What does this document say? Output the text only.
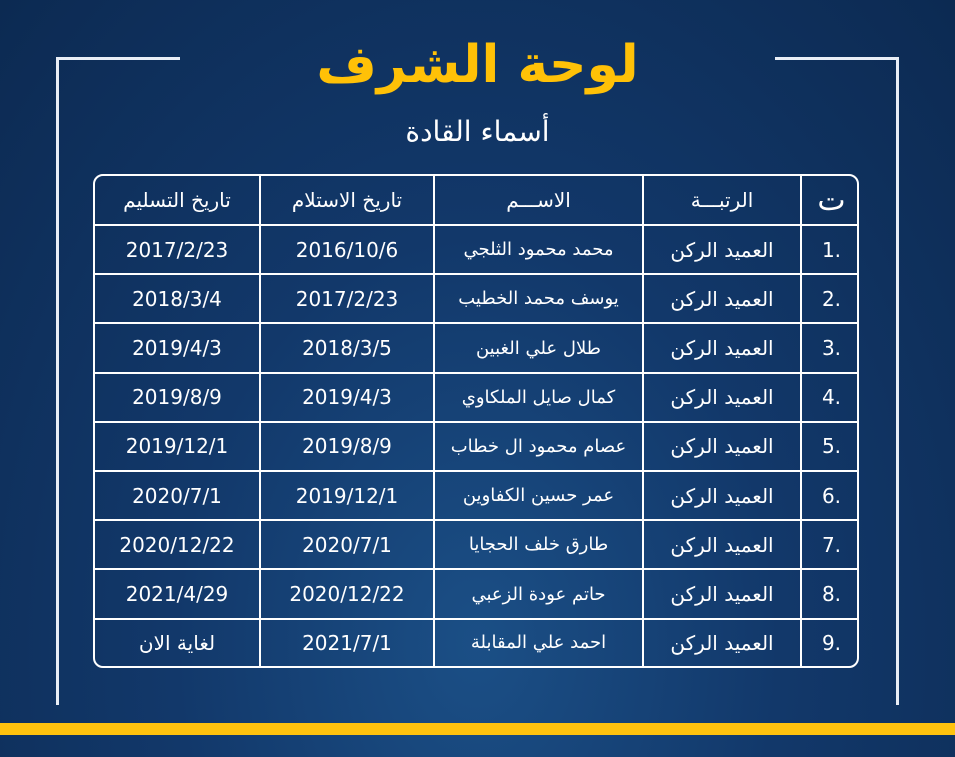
لوحة الشرف
أسماء القادة
ت	الرتبـــة	الاســـم	تاريخ الاستلام	تاريخ التسليم
1.	العميد الركن	محمد محمود الثلجي	2016/10/6	2017/2/23
2.	العميد الركن	يوسف محمد الخطيب	2017/2/23	2018/3/4
3.	العميد الركن	طلال علي الغبين	2018/3/5	2019/4/3
4.	العميد الركن	كمال صايل الملكاوي	2019/4/3	2019/8/9
5.	العميد الركن	عصام محمود ال خطاب	2019/8/9	2019/12/1
6.	العميد الركن	عمر حسين الكفاوين	2019/12/1	2020/7/1
7.	العميد الركن	طارق خلف الحجايا	2020/7/1	2020/12/22
8.	العميد الركن	حاتم عودة الزعبي	2020/12/22	2021/4/29
9.	العميد الركن	احمد علي المقابلة	2021/7/1	لغاية الان
